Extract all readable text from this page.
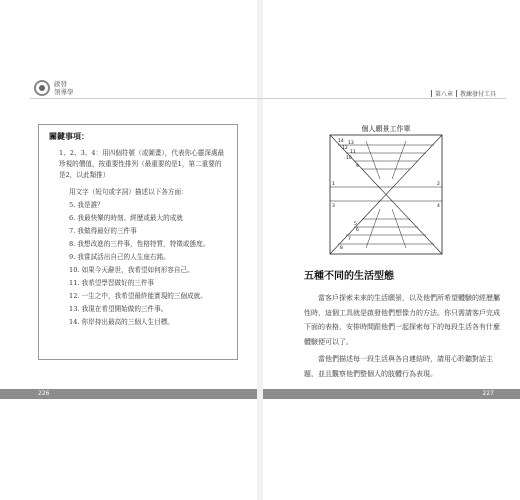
啟發
領導學
關鍵事項：
1、2、3、4：用四個符號（或圖畫），代表你心靈深處最珍視的價值，按重要性排列（最重要的是1，第二重要的是2，以此類推）
用文字（短句或字詞）描述以下各方面：
5. 我是誰？
6. 我最快樂的時刻、經歷或最大的成就
7. 我做得最好的三件事
8. 我想改進的三件事，性格特質，特徵或態度。
9. 我嘗試活出自己的人生座右銘。
10. 如果今天辭世，我希望如何形容自己。
11. 我希望學習做好的三件事
12. 一生之中，我希望最終能實現的三個成就。
13. 我現在希望開始做的三件事。
14. 你岸持出最高的三個人生目標。
226
第八章 教練發付工具
個人願景工作單
1	2
3	4
5
6
7
8
9
10
11
12
13
14
五種不同的生活型態
當客戶探索未來的生活願景，以及他們所希望體驗的經歷屬性時，這個工具就是啟發他們想像力的方法。你只需請客戶完成下面的表格，安排時間跟他們一起探索每下的每段生活各有什麼體驗便可以了。
當他們描述每一段生活與各自連結時，請用心聆聽對話主題，並且觀察他們整個人的肢體行為表現。
227
